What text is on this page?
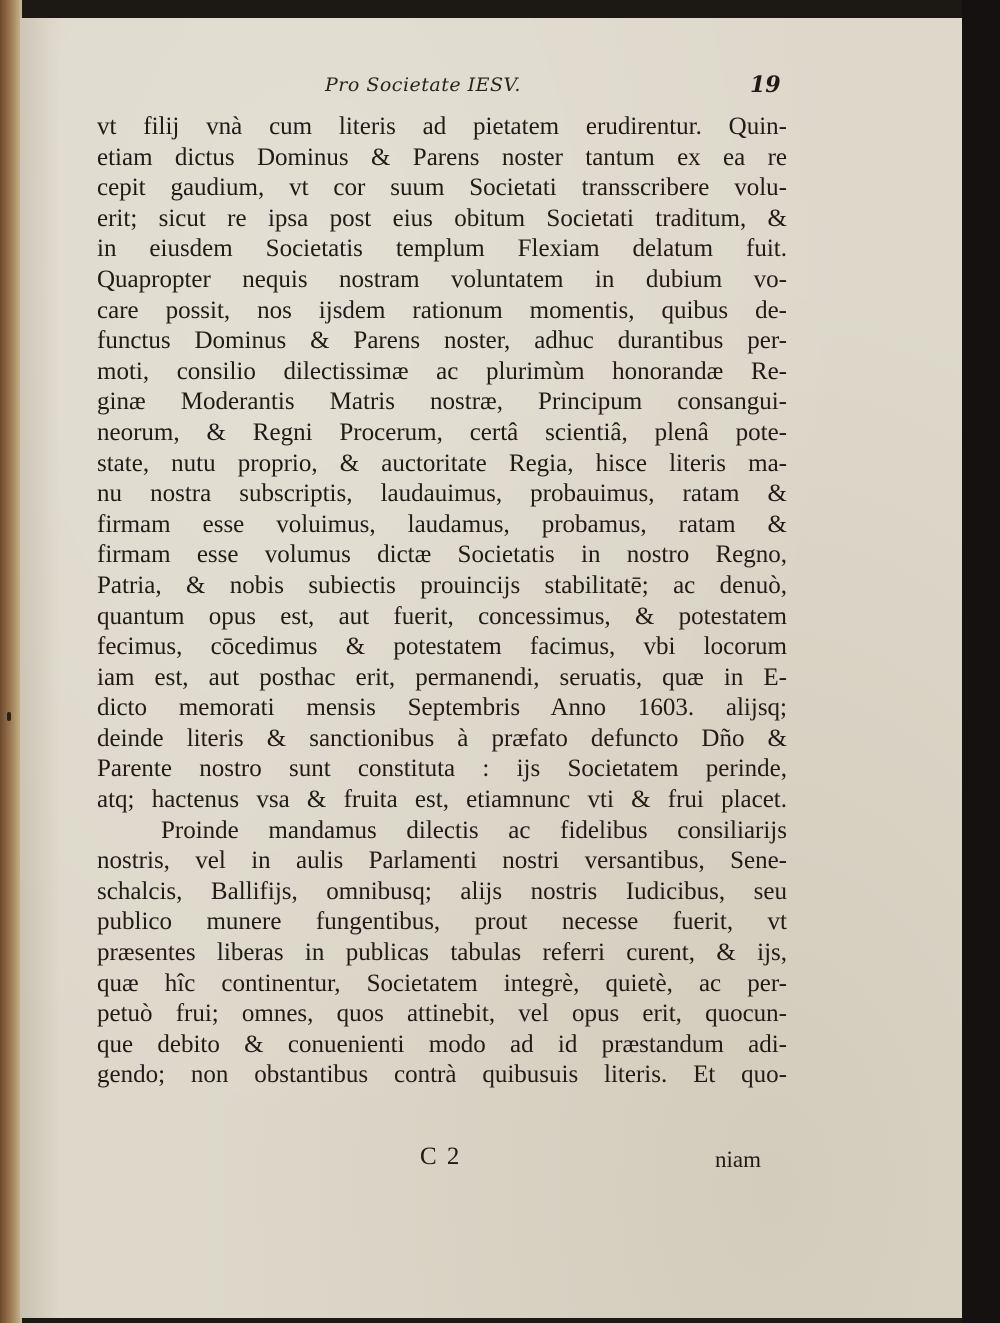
Pro Societate IESV.	19
vt filij vnà cum literis ad pietatem erudirentur. Quin-
etiam dictus Dominus & Parens noster tantum ex ea re
cepit gaudium, vt cor suum Societati transscribere volu-
erit; sicut re ipsa post eius obitum Societati traditum, &
in eiusdem Societatis templum Flexiam delatum fuit.
Quapropter nequis nostram voluntatem in dubium vo-
care possit, nos ijsdem rationum momentis, quibus de-
functus Dominus & Parens noster, adhuc durantibus per-
moti, consilio dilectissimæ ac plurimùm honorandæ Re-
ginæ Moderantis Matris nostræ, Principum consangui-
neorum, & Regni Procerum, certâ scientiâ, plenâ pote-
state, nutu proprio, & auctoritate Regia, hisce literis ma-
nu nostra subscriptis, laudauimus, probauimus, ratam &
firmam esse voluimus, laudamus, probamus, ratam &
firmam esse volumus dictæ Societatis in nostro Regno,
Patria, & nobis subiectis prouincijs stabilitatē; ac denuò,
quantum opus est, aut fuerit, concessimus, & potestatem
fecimus, cōcedimus & potestatem facimus, vbi locorum
iam est, aut posthac erit, permanendi, seruatis, quæ in E-
dicto memorati mensis Septembris Anno 1603. alijsq;
deinde literis & sanctionibus à præfato defuncto Dño &
Parente nostro sunt constituta : ijs Societatem perinde,
atq; hactenus vsa & fruita est, etiamnunc vti & frui placet.
Proinde mandamus dilectis ac fidelibus consiliarijs
nostris, vel in aulis Parlamenti nostri versantibus, Sene-
schalcis, Ballifijs, omnibusq; alijs nostris Iudicibus, seu
publico munere fungentibus, prout necesse fuerit, vt
præsentes liberas in publicas tabulas referri curent, & ijs,
quæ hîc continentur, Societatem integrè, quietè, ac per-
petuò frui; omnes, quos attinebit, vel opus erit, quocun-
que debito & conuenienti modo ad id præstandum adi-
gendo; non obstantibus contrà quibusuis literis. Et quo-
C 2	niam
